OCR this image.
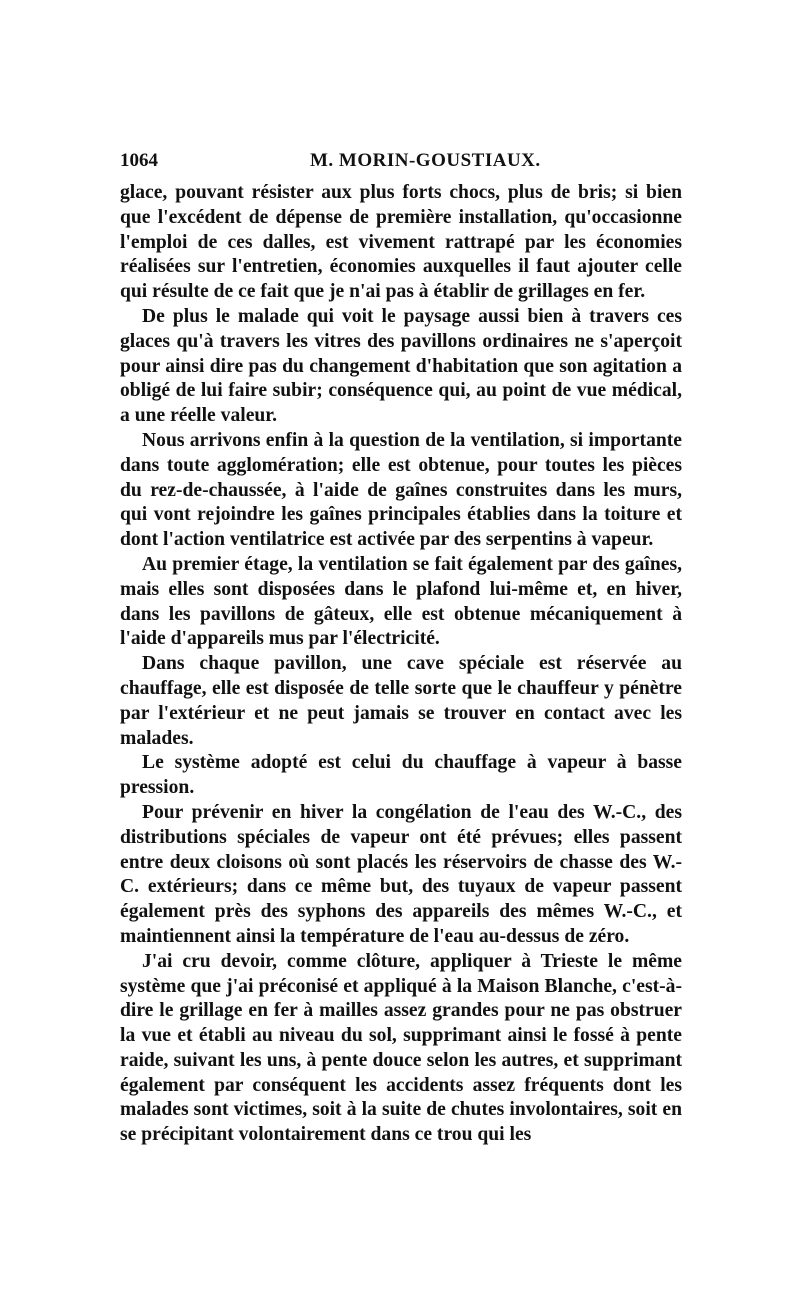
1064	M. MORIN-GOUSTIAUX.

glace, pouvant résister aux plus forts chocs, plus de bris; si bien que l'excédent de dépense de première installation, qu'occasionne l'emploi de ces dalles, est vivement rattrapé par les économies réalisées sur l'entretien, économies auxquelles il faut ajouter celle qui résulte de ce fait que je n'ai pas à établir de grillages en fer.

De plus le malade qui voit le paysage aussi bien à travers ces glaces qu'à travers les vitres des pavillons ordinaires ne s'aperçoit pour ainsi dire pas du changement d'habitation que son agitation a obligé de lui faire subir; conséquence qui, au point de vue médical, a une réelle valeur.

Nous arrivons enfin à la question de la ventilation, si importante dans toute agglomération; elle est obtenue, pour toutes les pièces du rez-de-chaussée, à l'aide de gaînes construites dans les murs, qui vont rejoindre les gaînes principales établies dans la toiture et dont l'action ventilatrice est activée par des serpentins à vapeur.

Au premier étage, la ventilation se fait également par des gaînes, mais elles sont disposées dans le plafond lui-même et, en hiver, dans les pavillons de gâteux, elle est obtenue mécaniquement à l'aide d'appareils mus par l'électricité.

Dans chaque pavillon, une cave spéciale est réservée au chauffage, elle est disposée de telle sorte que le chauffeur y pénètre par l'extérieur et ne peut jamais se trouver en contact avec les malades.

Le système adopté est celui du chauffage à vapeur à basse pression.

Pour prévenir en hiver la congélation de l'eau des W.-C., des distributions spéciales de vapeur ont été prévues; elles passent entre deux cloisons où sont placés les réservoirs de chasse des W.-C. extérieurs; dans ce même but, des tuyaux de vapeur passent également près des syphons des appareils des mêmes W.-C., et maintiennent ainsi la température de l'eau au-dessus de zéro.

J'ai cru devoir, comme clôture, appliquer à Trieste le même système que j'ai préconisé et appliqué à la Maison Blanche, c'est-à-dire le grillage en fer à mailles assez grandes pour ne pas obstruer la vue et établi au niveau du sol, supprimant ainsi le fossé à pente raide, suivant les uns, à pente douce selon les autres, et supprimant également par conséquent les accidents assez fréquents dont les malades sont victimes, soit à la suite de chutes involontaires, soit en se précipitant volontairement dans ce trou qui les
